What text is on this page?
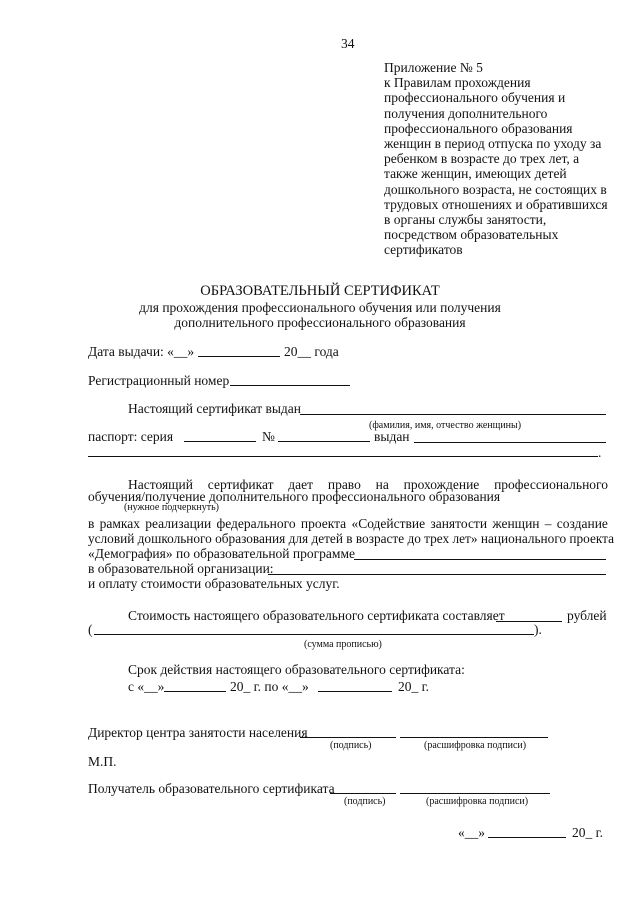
34
Приложение № 5
к Правилам прохождения
профессионального обучения и
получения дополнительного
профессионального образования
женщин в период отпуска по уходу за
ребенком в возрасте до трех лет, а
также женщин, имеющих детей
дошкольного возраста, не состоящих в
трудовых отношениях и обратившихся
в органы службы занятости,
посредством образовательных
сертификатов
ОБРАЗОВАТЕЛЬНЫЙ СЕРТИФИКАТ
для прохождения профессионального обучения или получения
дополнительного профессионального образования
Дата выдачи: «__»	20__ года
Регистрационный номер
Настоящий сертификат выдан
(фамилия, имя, отчество женщины)
паспорт: серия	№	выдан
.
Настоящий сертификат дает право на прохождение профессионального
обучения/получение дополнительного профессионального образования
(нужное подчеркнуть)
в рамках реализации федерального проекта «Содействие занятости женщин – создание
условий дошкольного образования для детей в возрасте до трех лет» национального проекта
«Демография» по образовательной программе
в образовательной организации:
и оплату стоимости образовательных услуг.
Стоимость настоящего образовательного сертификата составляет	рублей
(	).
(сумма прописью)
Срок действия настоящего образовательного сертификата:
с «__»	20_ г. по «__»	20_ г.
Директор центра занятости населения
(подпись)	(расшифровка подписи)
М.П.
Получатель образовательного сертификата
(подпись)	(расшифровка подписи)
«__»	20_ г.
